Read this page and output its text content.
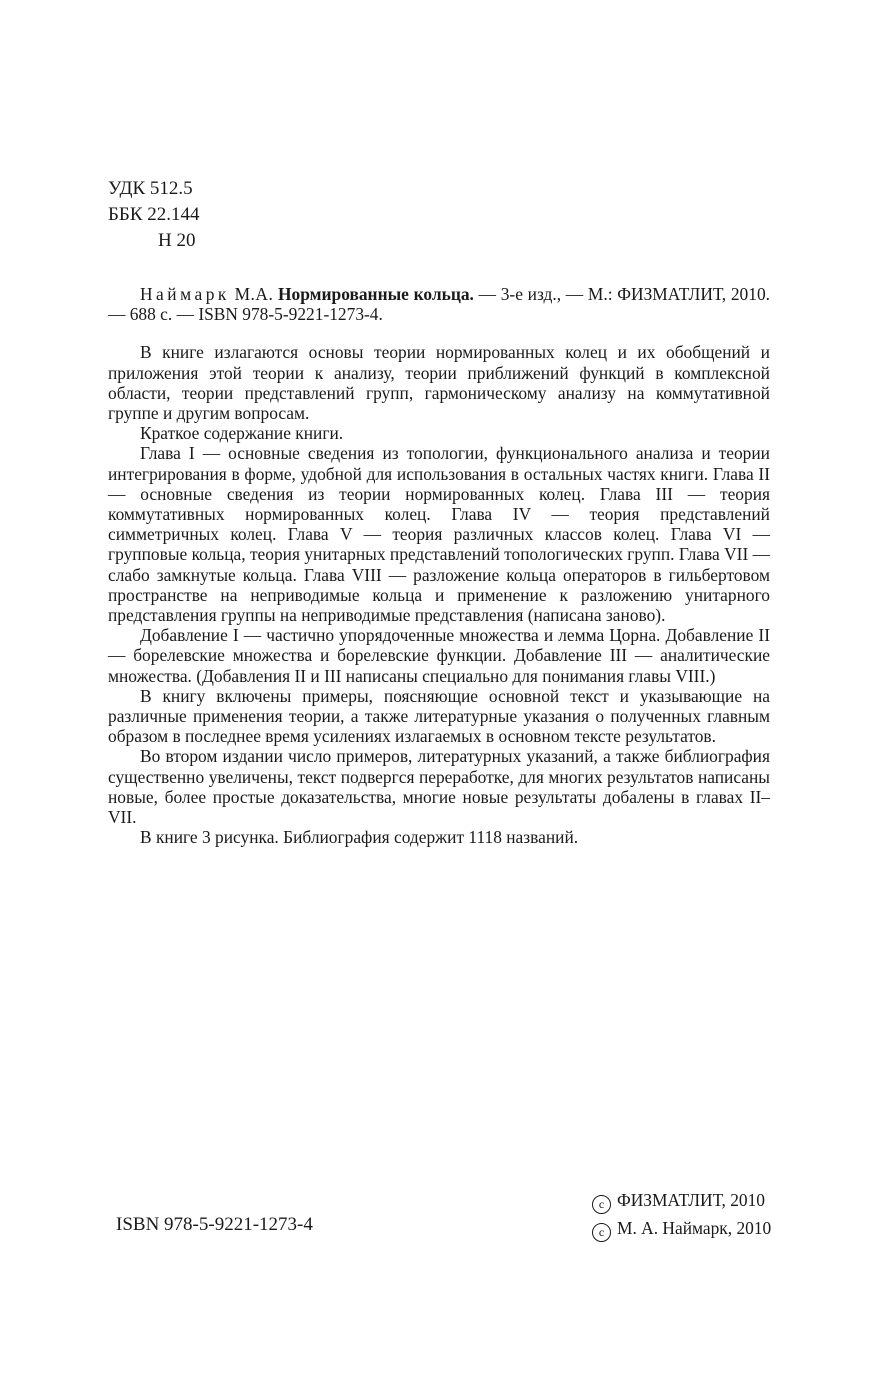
УДК 512.5
ББК 22.144
Н 20

Наймарк М.А. Нормированные кольца. — 3-е изд., — М.: ФИЗМАТЛИТ, 2010. — 688 с. — ISBN 978-5-9221-1273-4.

В книге излагаются основы теории нормированных колец и их обобщений и приложения этой теории к анализу, теории приближений функций в комплексной области, теории представлений групп, гармоническому анализу на коммутативной группе и другим вопросам.

Краткое содержание книги.

Глава I — основные сведения из топологии, функционального анализа и теории интегрирования в форме, удобной для использования в остальных частях книги. Глава II — основные сведения из теории нормированных колец. Глава III — теория коммутативных нормированных колец. Глава IV — теория представлений симметричных колец. Глава V — теория различных классов колец. Глава VI — групповые кольца, теория унитарных представлений топологических групп. Глава VII — слабо замкнутые кольца. Глава VIII — разложение кольца операторов в гильбертовом пространстве на неприводимые кольца и применение к разложению унитарного представления группы на неприводимые представления (написана заново).

Добавление I — частично упорядоченные множества и лемма Цорна. Добавление II — борелевские множества и борелевские функции. Добавление III — аналитические множества. (Добавления II и III написаны специально для понимания главы VIII.)

В книгу включены примеры, поясняющие основной текст и указывающие на различные применения теории, а также литературные указания о полученных главным образом в последнее время усилениях излагаемых в основном тексте результатов.

Во втором издании число примеров, литературных указаний, а также библиография существенно увеличены, текст подвергся переработке, для многих результатов написаны новые, более простые доказательства, многие новые результаты добалены в главах II–VII.

В книге 3 рисунка. Библиография содержит 1118 названий.

ISBN 978-5-9221-1273-4
c ФИЗМАТЛИТ, 2010
c М. А. Наймарк, 2010
